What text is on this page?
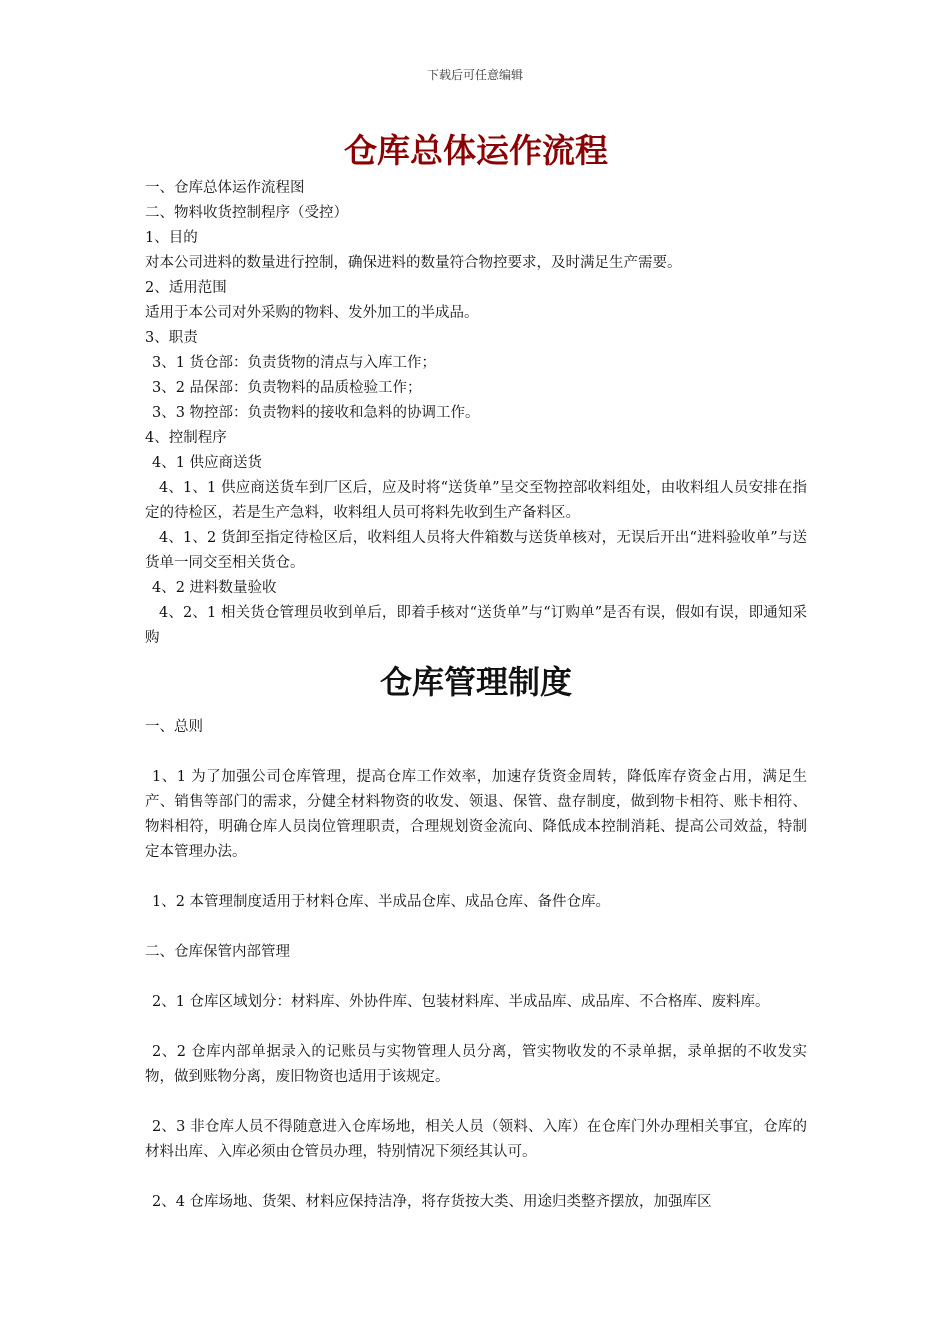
下载后可任意编辑
仓库总体运作流程

一、仓库总体运作流程图

二、物料收货控制程序（受控）

1、目的

对本公司进料的数量进行控制，确保进料的数量符合物控要求，及时满足生产需要。

2、适用范围

适用于本公司对外采购的物料、发外加工的半成品。

3、职责

3、1 货仓部：负责货物的清点与入库工作；

3、2 品保部：负责物料的品质检验工作；

3、3 物控部：负责物料的接收和急料的协调工作。

4、控制程序

4、1 供应商送货

4、1、1 供应商送货车到厂区后，应及时将“送货单”呈交至物控部收料组处，由收料组人员安排在指定的待检区，若是生产急料，收料组人员可将料先收到生产备料区。

4、1、2 货卸至指定待检区后，收料组人员将大件箱数与送货单核对，无误后开出“进料验收单”与送货单一同交至相关货仓。

4、2 进料数量验收

4、2、1 相关货仓管理员收到单后，即着手核对“送货单”与“订购单”是否有误，假如有误，即通知采购

仓库管理制度

一、总则

1、1 为了加强公司仓库管理，提高仓库工作效率，加速存货资金周转，降低库存资金占用，满足生产、销售等部门的需求，分健全材料物资的收发、领退、保管、盘存制度，做到物卡相符、账卡相符、物料相符，明确仓库人员岗位管理职责，合理规划资金流向、降低成本控制消耗、提高公司效益，特制定本管理办法。

1、2 本管理制度适用于材料仓库、半成品仓库、成品仓库、备件仓库。

二、仓库保管内部管理

2、1 仓库区域划分：材料库、外协件库、包装材料库、半成品库、成品库、不合格库、废料库。

2、2 仓库内部单据录入的记账员与实物管理人员分离，管实物收发的不录单据，录单据的不收发实物，做到账物分离，废旧物资也适用于该规定。

2、3 非仓库人员不得随意进入仓库场地，相关人员（领料、入库）在仓库门外办理相关事宜，仓库的材料出库、入库必须由仓管员办理，特别情况下须经其认可。

2、4 仓库场地、货架、材料应保持洁净，将存货按大类、用途归类整齐摆放，加强库区
